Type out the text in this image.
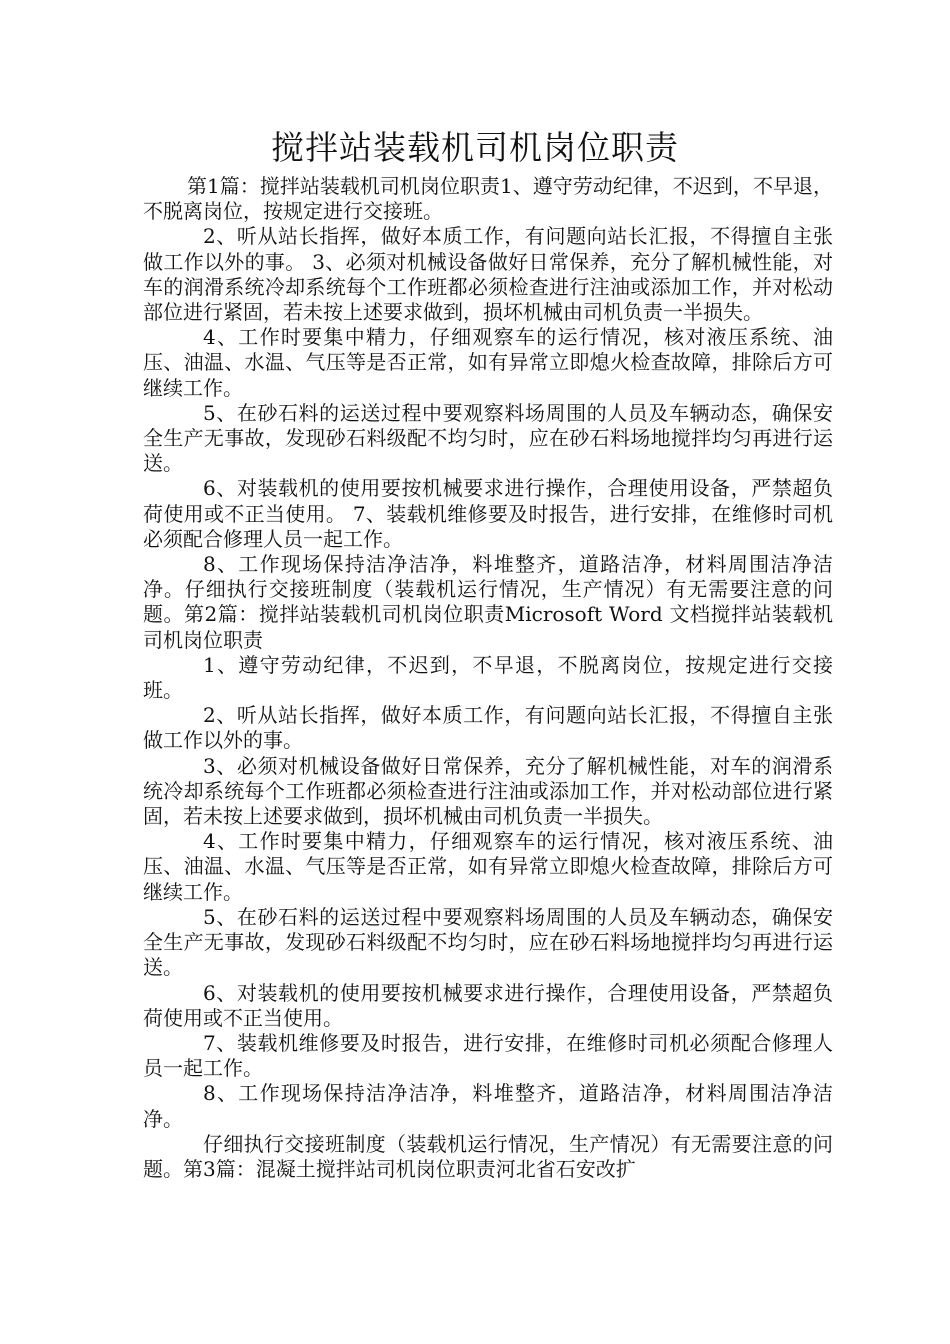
搅拌站装载机司机岗位职责

第1篇：搅拌站装载机司机岗位职责1、遵守劳动纪律，不迟到，不早退，不脱离岗位，按规定进行交接班。

2、听从站长指挥，做好本质工作，有问题向站长汇报，不得擅自主张做工作以外的事。 3、必须对机械设备做好日常保养，充分了解机械性能，对车的润滑系统冷却系统每个工作班都必须检查进行注油或添加工作，并对松动部位进行紧固，若未按上述要求做到，损坏机械由司机负责一半损失。

4、工作时要集中精力，仔细观察车的运行情况，核对液压系统、油压、油温、水温、气压等是否正常，如有异常立即熄火检查故障，排除后方可继续工作。

5、在砂石料的运送过程中要观察料场周围的人员及车辆动态，确保安全生产无事故，发现砂石料级配不均匀时，应在砂石料场地搅拌均匀再进行运送。

6、对装载机的使用要按机械要求进行操作，合理使用设备，严禁超负荷使用或不正当使用。 7、装载机维修要及时报告，进行安排，在维修时司机必须配合修理人员一起工作。

8、工作现场保持洁净洁净，料堆整齐，道路洁净，材料周围洁净洁净。仔细执行交接班制度（装载机运行情况，生产情况）有无需要注意的问题。第2篇：搅拌站装载机司机岗位职责Microsoft Word 文档搅拌站装载机司机岗位职责

1、遵守劳动纪律，不迟到，不早退，不脱离岗位，按规定进行交接班。

2、听从站长指挥，做好本质工作，有问题向站长汇报，不得擅自主张做工作以外的事。

3、必须对机械设备做好日常保养，充分了解机械性能，对车的润滑系统冷却系统每个工作班都必须检查进行注油或添加工作，并对松动部位进行紧固，若未按上述要求做到，损坏机械由司机负责一半损失。

4、工作时要集中精力，仔细观察车的运行情况，核对液压系统、油压、油温、水温、气压等是否正常，如有异常立即熄火检查故障，排除后方可继续工作。

5、在砂石料的运送过程中要观察料场周围的人员及车辆动态，确保安全生产无事故，发现砂石料级配不均匀时，应在砂石料场地搅拌均匀再进行运送。

6、对装载机的使用要按机械要求进行操作，合理使用设备，严禁超负荷使用或不正当使用。

7、装载机维修要及时报告，进行安排，在维修时司机必须配合修理人员一起工作。

8、工作现场保持洁净洁净，料堆整齐，道路洁净，材料周围洁净洁净。

仔细执行交接班制度（装载机运行情况，生产情况）有无需要注意的问题。第3篇：混凝土搅拌站司机岗位职责河北省石安改扩
